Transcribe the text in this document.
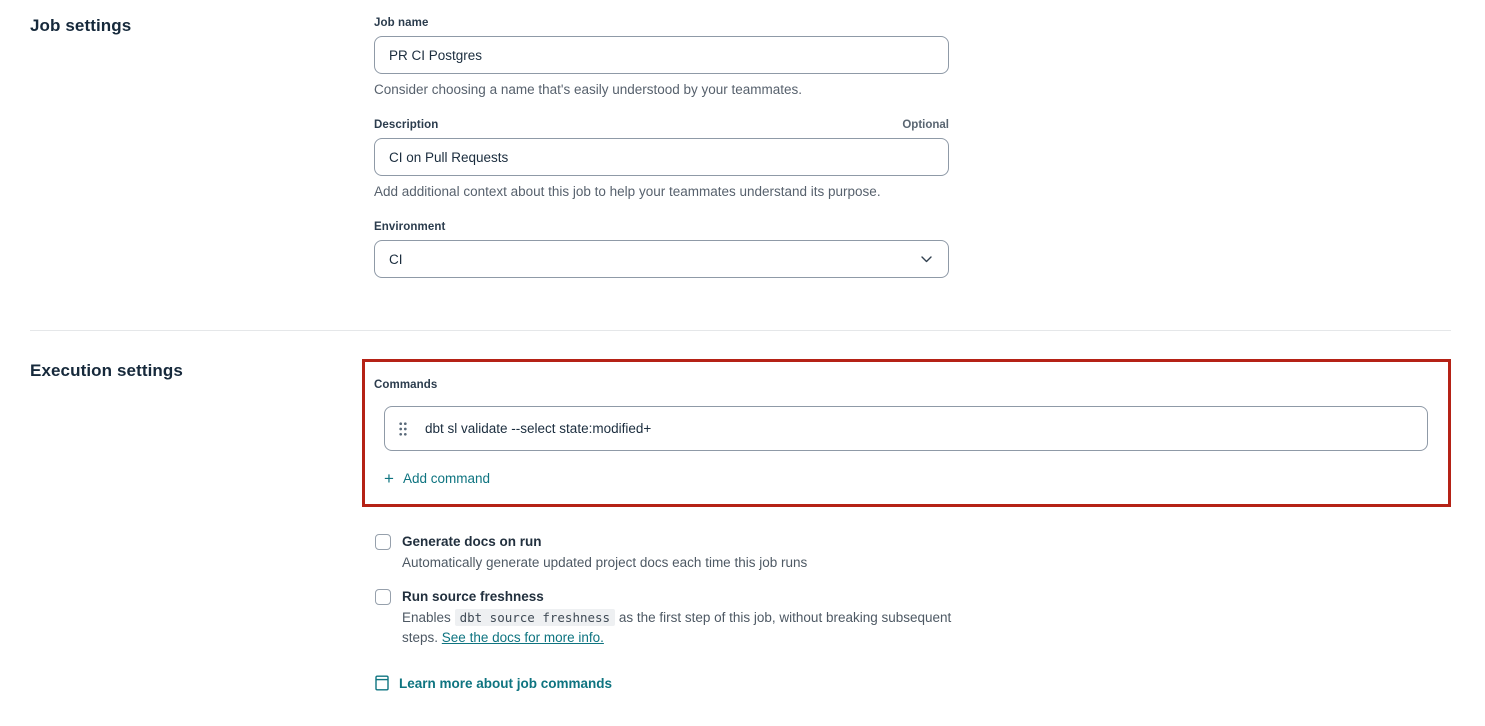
Job settings	Job name
PR CI Postgres

Consider choosing a name that's easily understood by your teammates.

Description	Optional
CI on Pull Requests

Add additional context about this job to help your teammates understand its purpose.

Environment
CI
Execution settings
Commands
dbt sl validate --select state:modified+
+ Add command
Generate docs on run
Automatically generate updated project docs each time this job runs
Run source freshness
Enables dbt source freshness as the first step of this job, without breaking subsequent steps. See the docs for more info.
Learn more about job commands
